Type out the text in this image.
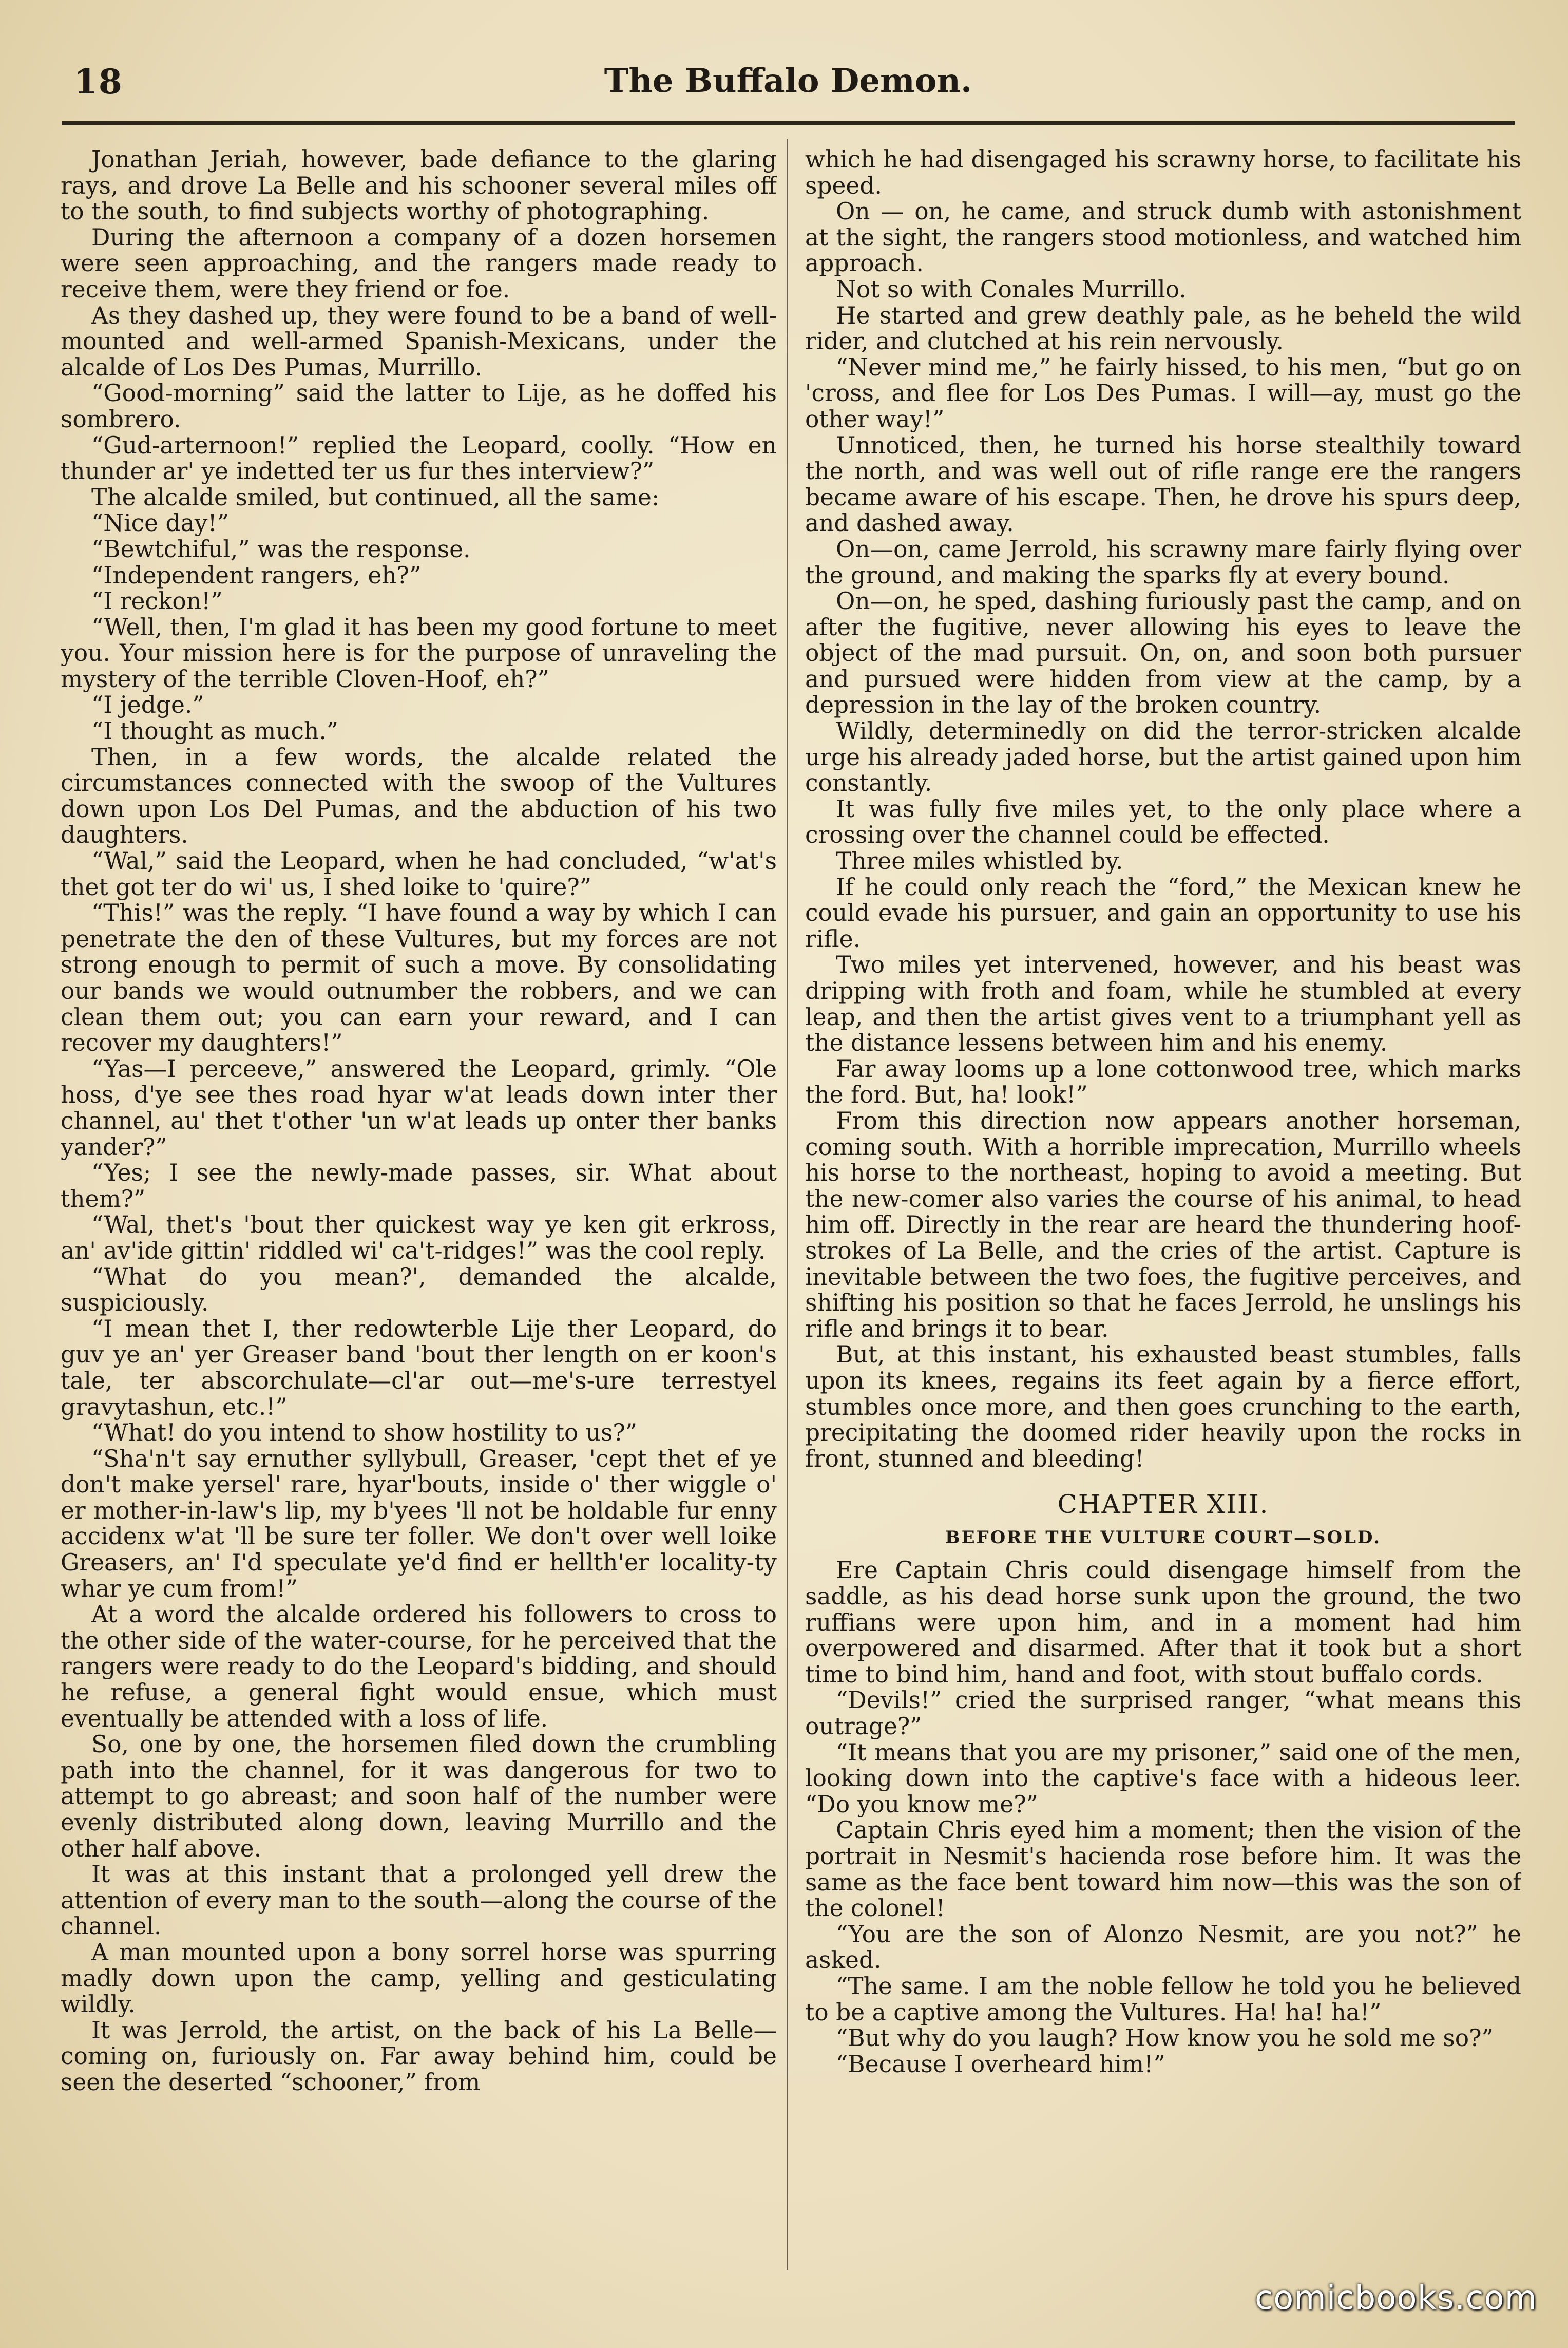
18	The Buffalo Demon.

Jonathan Jeriah, however, bade defiance to the glaring rays, and drove La Belle and his schooner several miles off to the south, to find subjects worthy of photographing.

During the afternoon a company of a dozen horsemen were seen approaching, and the rangers made ready to receive them, were they friend or foe.

As they dashed up, they were found to be a band of well-mounted and well-armed Spanish-Mexicans, under the alcalde of Los Des Pumas, Murrillo.

“Good-morning” said the latter to Lije, as he doffed his sombrero.

“Gud-arternoon!” replied the Leopard, coolly. “How en thunder ar' ye indetted ter us fur thes interview?”

The alcalde smiled, but continued, all the same:

“Nice day!”

“Bewtchiful,” was the response.

“Independent rangers, eh?”

“I reckon!”

“Well, then, I'm glad it has been my good fortune to meet you. Your mission here is for the purpose of unraveling the mystery of the terrible Cloven-Hoof, eh?”

“I jedge.”

“I thought as much.”

Then, in a few words, the alcalde related the circumstances connected with the swoop of the Vultures down upon Los Del Pumas, and the abduction of his two daughters.

“Wal,” said the Leopard, when he had concluded, “w'at's thet got ter do wi' us, I shed loike to 'quire?”

“This!” was the reply. “I have found a way by which I can penetrate the den of these Vultures, but my forces are not strong enough to permit of such a move. By consolidating our bands we would outnumber the robbers, and we can clean them out; you can earn your reward, and I can recover my daughters!”

“Yas—I perceeve,” answered the Leopard, grimly. “Ole hoss, d'ye see thes road hyar w'at leads down inter ther channel, au' thet t'other 'un w'at leads up onter ther banks yander?”

“Yes; I see the newly-made passes, sir. What about them?”

“Wal, thet's 'bout ther quickest way ye ken git erkross, an' av'ide gittin' riddled wi' ca't-ridges!” was the cool reply.

“What do you mean?', demanded the alcalde, suspiciously.

“I mean thet I, ther redowterble Lije ther Leopard, do guv ye an' yer Greaser band 'bout ther length on er koon's tale, ter abscorchulate—cl'ar out—me's-ure terrestyel gravytashun, etc.!”

“What! do you intend to show hostility to us?”

“Sha'n't say ernuther syllybull, Greaser, 'cept thet ef ye don't make yersel' rare, hyar'bouts, inside o' ther wiggle o' er mother-in-law's lip, my b'yees 'll not be holdable fur enny accidenx w'at 'll be sure ter foller. We don't over well loike Greasers, an' I'd speculate ye'd find er hellth'er locality-ty whar ye cum from!”

At a word the alcalde ordered his followers to cross to the other side of the water-course, for he perceived that the rangers were ready to do the Leopard's bidding, and should he refuse, a general fight would ensue, which must eventually be attended with a loss of life.

So, one by one, the horsemen filed down the crumbling path into the channel, for it was dangerous for two to attempt to go abreast; and soon half of the number were evenly distributed along down, leaving Murrillo and the other half above.

It was at this instant that a prolonged yell drew the attention of every man to the south—along the course of the channel.

A man mounted upon a bony sorrel horse was spurring madly down upon the camp, yelling and gesticulating wildly.

It was Jerrold, the artist, on the back of his La Belle—coming on, furiously on. Far away behind him, could be seen the deserted “schooner,” from

which he had disengaged his scrawny horse, to facilitate his speed.

On — on, he came, and struck dumb with astonishment at the sight, the rangers stood motionless, and watched him approach.

Not so with Conales Murrillo.

He started and grew deathly pale, as he beheld the wild rider, and clutched at his rein nervously.

“Never mind me,” he fairly hissed, to his men, “but go on 'cross, and flee for Los Des Pumas. I will—ay, must go the other way!”

Unnoticed, then, he turned his horse stealthily toward the north, and was well out of rifle range ere the rangers became aware of his escape. Then, he drove his spurs deep, and dashed away.

On—on, came Jerrold, his scrawny mare fairly flying over the ground, and making the sparks fly at every bound.

On—on, he sped, dashing furiously past the camp, and on after the fugitive, never allowing his eyes to leave the object of the mad pursuit. On, on, and soon both pursuer and pursued were hidden from view at the camp, by a depression in the lay of the broken country.

Wildly, determinedly on did the terror-stricken alcalde urge his already jaded horse, but the artist gained upon him constantly.

It was fully five miles yet, to the only place where a crossing over the channel could be effected.

Three miles whistled by.

If he could only reach the “ford,” the Mexican knew he could evade his pursuer, and gain an opportunity to use his rifle.

Two miles yet intervened, however, and his beast was dripping with froth and foam, while he stumbled at every leap, and then the artist gives vent to a triumphant yell as the distance lessens between him and his enemy.

Far away looms up a lone cottonwood tree, which marks the ford. But, ha! look!”

From this direction now appears another horseman, coming south. With a horrible imprecation, Murrillo wheels his horse to the northeast, hoping to avoid a meeting. But the new-comer also varies the course of his animal, to head him off. Directly in the rear are heard the thundering hoof-strokes of La Belle, and the cries of the artist. Capture is inevitable between the two foes, the fugitive perceives, and shifting his position so that he faces Jerrold, he unslings his rifle and brings it to bear.

But, at this instant, his exhausted beast stumbles, falls upon its knees, regains its feet again by a fierce effort, stumbles once more, and then goes crunching to the earth, precipitating the doomed rider heavily upon the rocks in front, stunned and bleeding!

CHAPTER XIII.
BEFORE THE VULTURE COURT—SOLD.

Ere Captain Chris could disengage himself from the saddle, as his dead horse sunk upon the ground, the two ruffians were upon him, and in a moment had him overpowered and disarmed. After that it took but a short time to bind him, hand and foot, with stout buffalo cords.

“Devils!” cried the surprised ranger, “what means this outrage?”

“It means that you are my prisoner,” said one of the men, looking down into the captive's face with a hideous leer. “Do you know me?”

Captain Chris eyed him a moment; then the vision of the portrait in Nesmit's hacienda rose before him. It was the same as the face bent toward him now—this was the son of the colonel!

“You are the son of Alonzo Nesmit, are you not?” he asked.

“The same. I am the noble fellow he told you he believed to be a captive among the Vultures. Ha! ha! ha!”

“But why do you laugh? How know you he sold me so?”

“Because I overheard him!”

comicbooks.com
